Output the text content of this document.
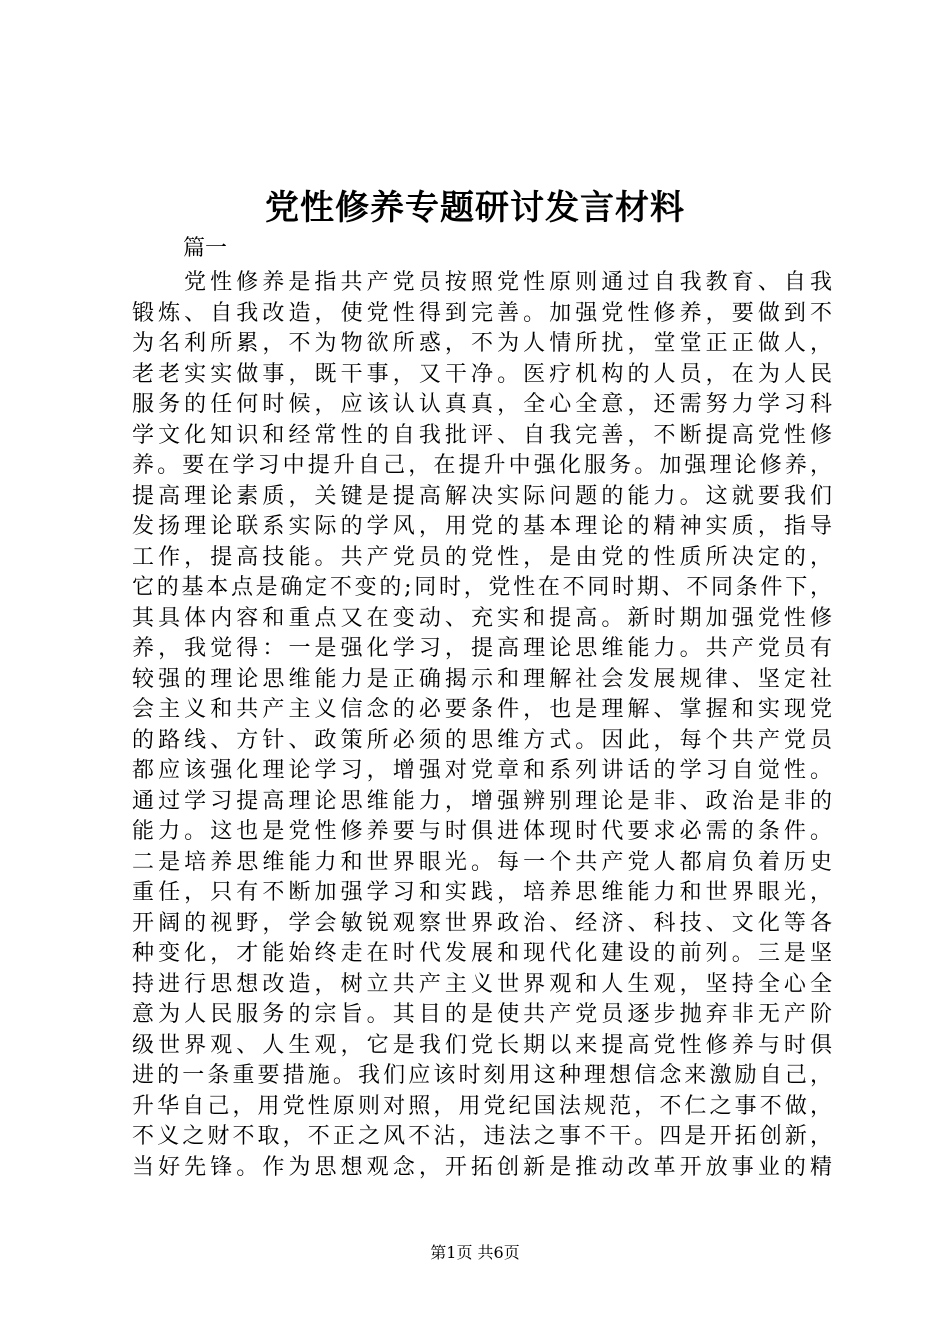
党性修养专题研讨发言材料
篇一
党性修养是指共产党员按照党性原则通过自我教育、自我
锻炼、自我改造，使党性得到完善。加强党性修养，要做到不
为名利所累，不为物欲所惑，不为人情所扰，堂堂正正做人，
老老实实做事，既干事，又干净。医疗机构的人员，在为人民
服务的任何时候，应该认认真真，全心全意，还需努力学习科
学文化知识和经常性的自我批评、自我完善，不断提高党性修
养。要在学习中提升自己，在提升中强化服务。加强理论修养，
提高理论素质，关键是提高解决实际问题的能力。这就要我们
发扬理论联系实际的学风，用党的基本理论的精神实质，指导
工作，提高技能。共产党员的党性，是由党的性质所决定的，
它的基本点是确定不变的;同时，党性在不同时期、不同条件下，
其具体内容和重点又在变动、充实和提高。新时期加强党性修
养，我觉得：一是强化学习，提高理论思维能力。共产党员有
较强的理论思维能力是正确揭示和理解社会发展规律、坚定社
会主义和共产主义信念的必要条件，也是理解、掌握和实现党
的路线、方针、政策所必须的思维方式。因此，每个共产党员
都应该强化理论学习，增强对党章和系列讲话的学习自觉性。
通过学习提高理论思维能力，增强辨别理论是非、政治是非的
能力。这也是党性修养要与时俱进体现时代要求必需的条件。
二是培养思维能力和世界眼光。每一个共产党人都肩负着历史
重任，只有不断加强学习和实践，培养思维能力和世界眼光，
开阔的视野，学会敏锐观察世界政治、经济、科技、文化等各
种变化，才能始终走在时代发展和现代化建设的前列。三是坚
持进行思想改造，树立共产主义世界观和人生观，坚持全心全
意为人民服务的宗旨。其目的是使共产党员逐步抛弃非无产阶
级世界观、人生观，它是我们党长期以来提高党性修养与时俱
进的一条重要措施。我们应该时刻用这种理想信念来激励自己，
升华自己，用党性原则对照，用党纪国法规范，不仁之事不做，
不义之财不取，不正之风不沾，违法之事不干。四是开拓创新，
当好先锋。作为思想观念，开拓创新是推动改革开放事业的精
第1页 共6页
